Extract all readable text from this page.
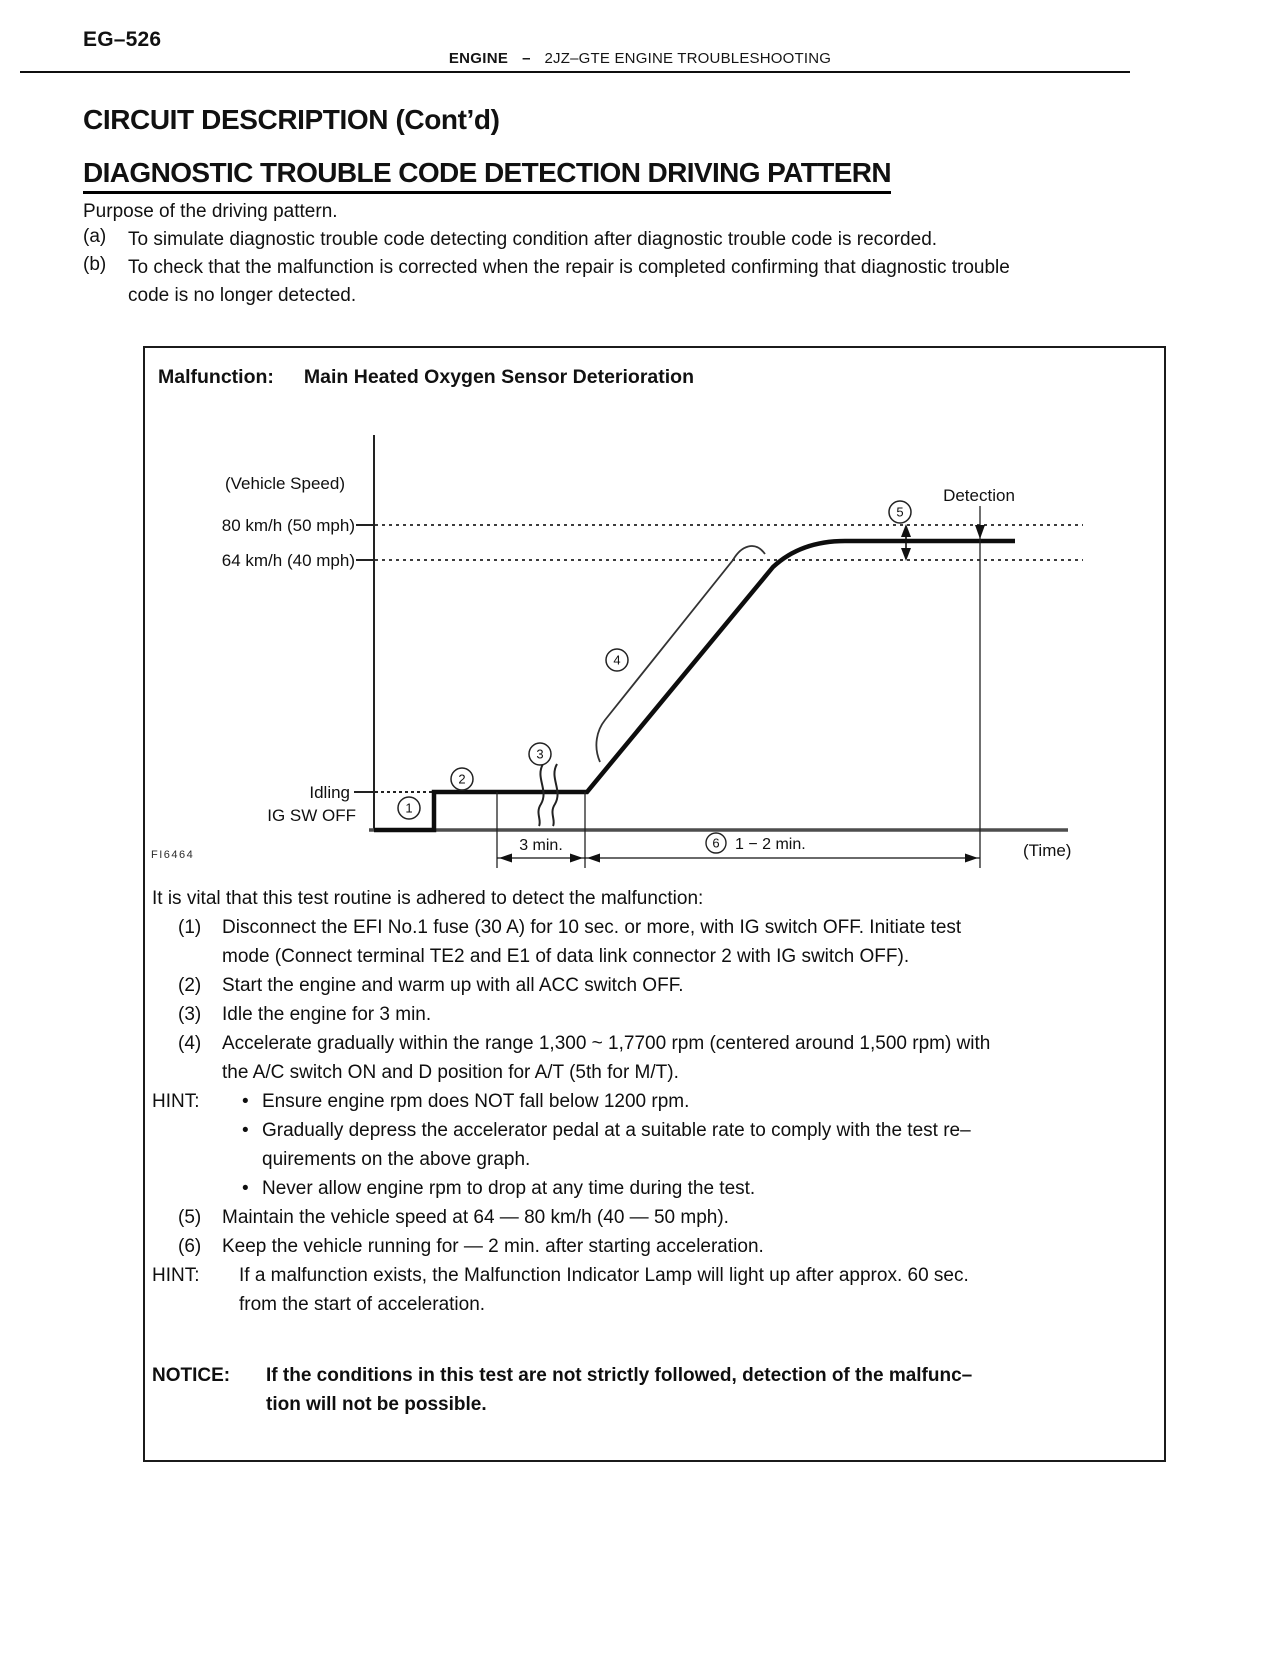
EG–526
ENGINE – 2JZ–GTE ENGINE TROUBLESHOOTING
CIRCUIT DESCRIPTION (Cont’d)
DIAGNOSTIC TROUBLE CODE DETECTION DRIVING PATTERN
Purpose of the driving pattern.
(a)	To simulate diagnostic trouble code detecting condition after diagnostic trouble code is recorded.
(b)	To check that the malfunction is corrected when the repair is completed confirming that diagnostic trouble
code is no longer detected.
Malfunction: Main Heated Oxygen Sensor Deterioration
(Vehicle Speed)
80 km/h (50 mph)
64 km/h (40 mph)
Idling
IG SW OFF	1
2
3
4
5
Detection
3 min.	6 1 − 2 min.	(Time)
FI6464
It is vital that this test routine is adhered to detect the malfunction:
(1)	Disconnect the EFI No.1 fuse (30 A) for 10 sec. or more, with IG switch OFF. Initiate test
mode (Connect terminal TE2 and E1 of data link connector 2 with IG switch OFF).
(2)	Start the engine and warm up with all ACC switch OFF.
(3)	Idle the engine for 3 min.
(4)	Accelerate gradually within the range 1,300 ~ 1,7700 rpm (centered around 1,500 rpm) with
the A/C switch ON and D position for A/T (5th for M/T).
HINT:	• Ensure engine rpm does NOT fall below 1200 rpm.
• Gradually depress the accelerator pedal at a suitable rate to comply with the test re–
quirements on the above graph.
• Never allow engine rpm to drop at any time during the test.
(5)	Maintain the vehicle speed at 64 — 80 km/h (40 — 50 mph).
(6)	Keep the vehicle running for — 2 min. after starting acceleration.
HINT:	If a malfunction exists, the Malfunction Indicator Lamp will light up after approx. 60 sec.
from the start of acceleration.
NOTICE:	If the conditions in this test are not strictly followed, detection of the malfunc–
tion will not be possible.
